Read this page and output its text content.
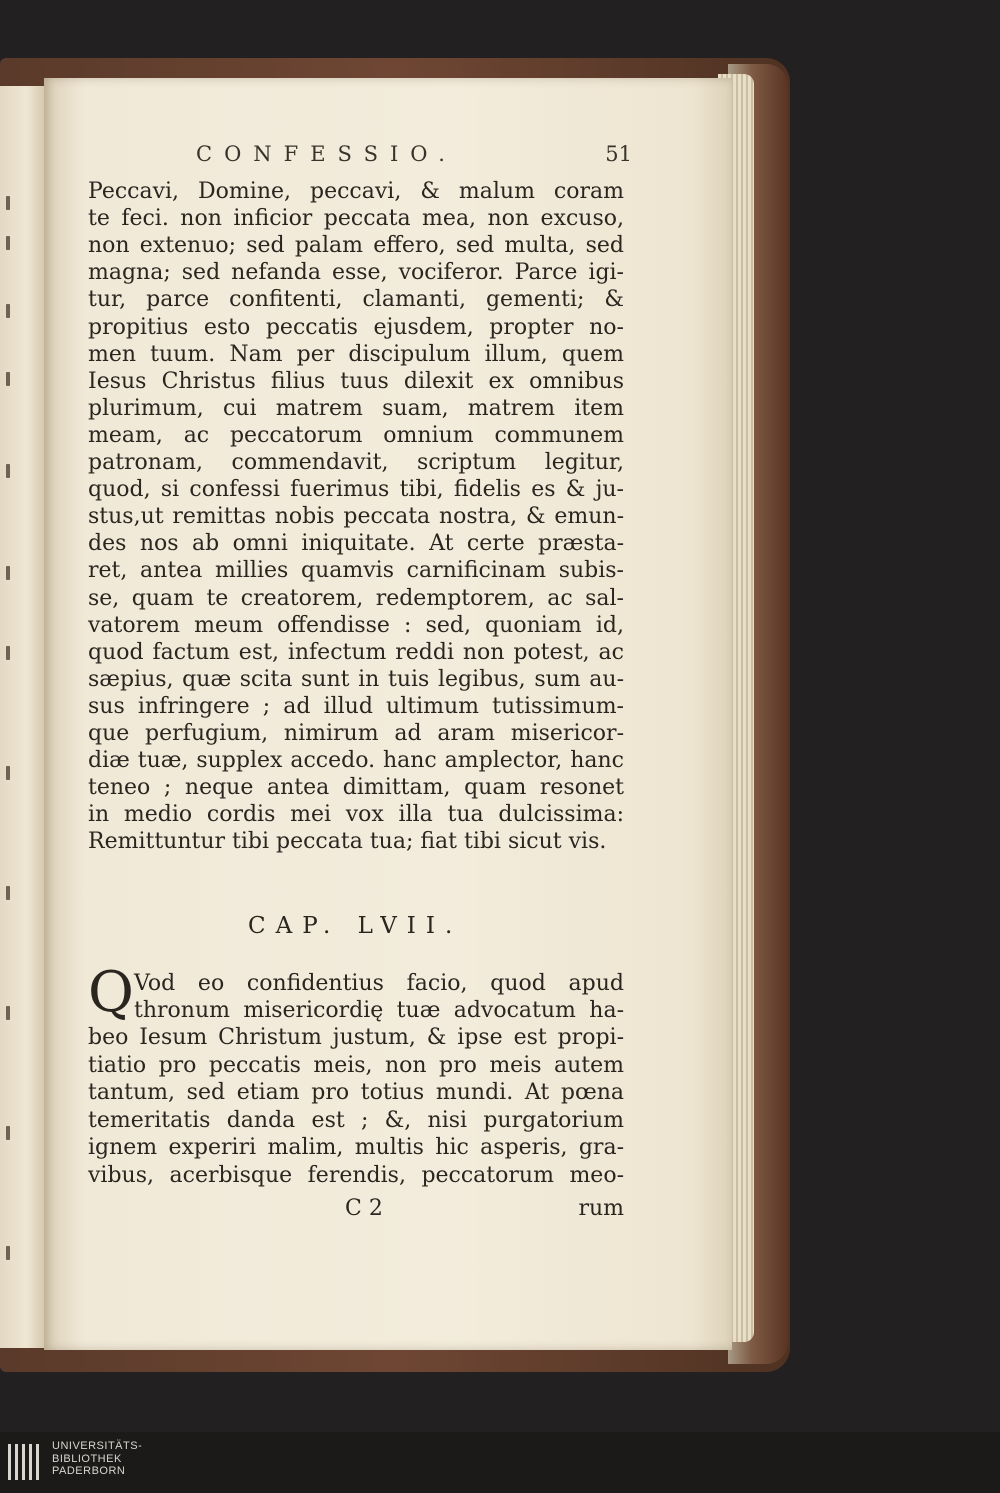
CONFESSIO.	51
Peccavi, Domine, peccavi, & malum coram
te feci. non inficior peccata mea, non excuso,
non extenuo; sed palam effero, sed multa, sed
magna; sed nefanda esse, vociferor. Parce igi-
tur, parce confitenti, clamanti, gementi; &
propitius esto peccatis ejusdem, propter no-
men tuum. Nam per discipulum illum, quem
Iesus Christus filius tuus dilexit ex omnibus
plurimum, cui matrem suam, matrem item
meam, ac peccatorum omnium communem
patronam, commendavit, scriptum legitur,
quod, si confessi fuerimus tibi, fidelis es & ju-
stus,ut remittas nobis peccata nostra, & emun-
des nos ab omni iniquitate. At certe præsta-
ret, antea millies quamvis carnificinam subis-
se, quam te creatorem, redemptorem, ac sal-
vatorem meum offendisse : sed, quoniam id,
quod factum est, infectum reddi non potest, ac
sæpius, quæ scita sunt in tuis legibus, sum au-
sus infringere ; ad illud ultimum tutissimum-
que perfugium, nimirum ad aram misericor-
diæ tuæ, supplex accedo. hanc amplector, hanc
teneo ; neque antea dimittam, quam resonet
in medio cordis mei vox illa tua dulcissima:
Remittuntur tibi peccata tua; fiat tibi sicut vis.
CAP. LVII.
Q Vod eo confidentius facio, quod apud
thronum misericordię tuæ advocatum ha-
beo Iesum Christum justum, & ipse est propi-
tiatio pro peccatis meis, non pro meis autem
tantum, sed etiam pro totius mundi. At pœna
temeritatis danda est ; &, nisi purgatorium
ignem experiri malim, multis hic asperis, gra-
vibus, acerbisque ferendis, peccatorum meo-
C 2	rum
UNIVERSITÄTS-
BIBLIOTHEK
PADERBORN
